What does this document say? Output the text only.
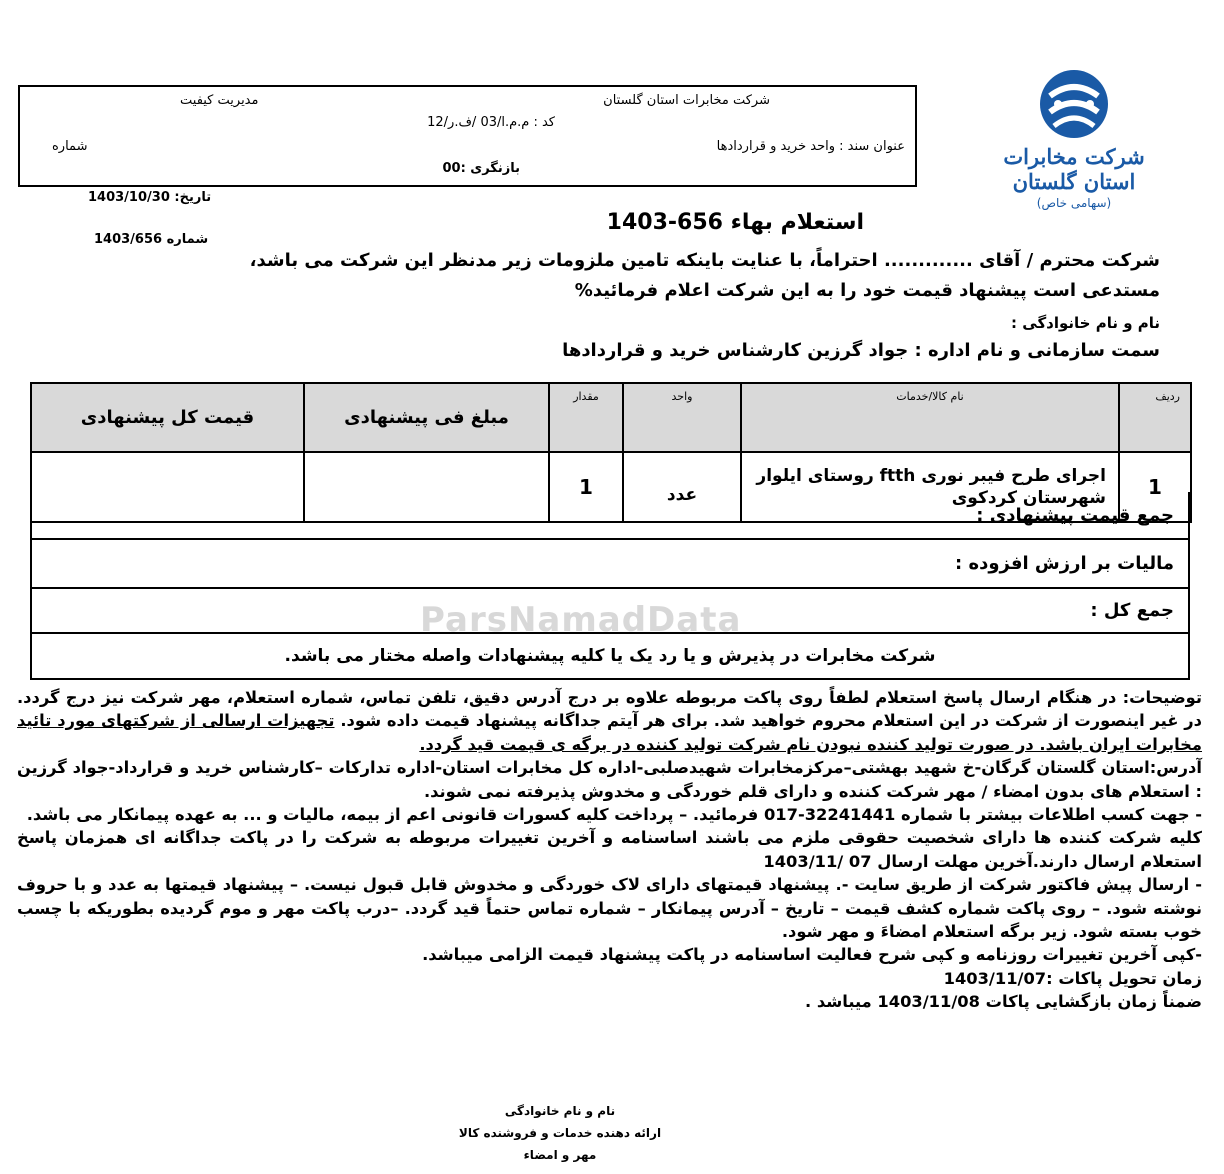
شرکت مخابرات استان گلستان
(سهامی خاص)
شرکت مخابرات استان گلستان
مدیریت کیفیت
کد : م.م.ا/03 /ف.ر/12
عنوان سند : واحد خرید و قراردادها
شماره
بازنگری :00
تاریخ: 1403/10/30
شماره 1403/656
استعلام بهاء 656-1403
شرکت محترم / آقای ............. احتراماً، با عنایت باینکه تامین ملزومات زیر مدنظر این شرکت می باشد،
مستدعی است پیشنهاد قیمت خود را به این شرکت اعلام فرمائید%
نام و نام خانوادگی :
سمت سازمانی و نام اداره : جواد گرزین کارشناس خرید و قراردادها
ParsNamadData
ردیف	نام کالا/خدمات	واحد	مقدار	مبلغ فی پیشنهادی	قیمت کل پیشنهادی
1	اجرای طرح فیبر نوری ftth روستای ایلوار شهرستان کردکوی	عدد	1		
جمع قیمت پیشنهادی :
مالیات بر ارزش افزوده :
جمع کل :
شرکت مخابرات در پذیرش و یا رد یک یا کلیه پیشنهادات واصله مختار می باشد.

توضیحات: در هنگام ارسال پاسخ استعلام لطفاً روی پاکت مربوطه علاوه بر درج آدرس دقیق، تلفن تماس، شماره استعلام، مهر شرکت نیز درج گردد. در غیر اینصورت از شرکت در این استعلام محروم خواهید شد. برای هر آیتم جداگانه پیشنهاد قیمت داده شود. تجهیزات ارسالی از شرکتهای مورد تائید مخابرات ایران باشد. در صورت تولید کننده نبودن نام شرکت تولید کننده در برگه ی قیمت قید گردد.

آدرس:استان گلستان گرگان-خ شهید بهشتی–مرکزمخابرات شهیدصلبی-اداره کل مخابرات استان-اداره تدارکات –کارشناس خرید و قرارداد-جواد گرزین : استعلام های بدون امضاء / مهر شرکت کننده و دارای قلم خوردگی و مخدوش پذیرفته نمی شوند.

- جهت کسب اطلاعات بیشتر با شماره 32241441-017 فرمائید. – پرداخت کلیه کسورات قانونی اعم از بیمه، مالیات و ... به عهده پیمانکار می باشد.

کلیه شرکت کننده ها دارای شخصیت حقوقی ملزم می باشند اساسنامه و آخرین تغییرات مربوطه به شرکت را در پاکت جداگانه ای همزمان پاسخ استعلام ارسال دارند.آخرین مهلت ارسال 07 /1403/11

- ارسال پیش فاکتور شرکت از طریق سایت -. پیشنهاد قیمتهای دارای لاک خوردگی و مخدوش قابل قبول نیست. – پیشنهاد قیمتها به عدد و با حروف نوشته شود. – روی پاکت شماره کشف قیمت – تاریخ – آدرس پیمانکار – شماره تماس حتماً قید گردد. –درب پاکت مهر و موم گردیده بطوریکه با چسب خوب بسته شود. زیر برگه استعلام امضاءَ و مهر شود.

-کپی آخرین تغییرات روزنامه و کپی شرح فعالیت اساسنامه در پاکت پیشنهاد قیمت الزامی میباشد.

زمان تحویل پاکات :1403/11/07

ضمناً زمان بازگشایی پاکات 1403/11/08 میباشد .

نام و نام خانوادگی
ارائه دهنده خدمات و فروشنده کالا
مهر و امضاء
